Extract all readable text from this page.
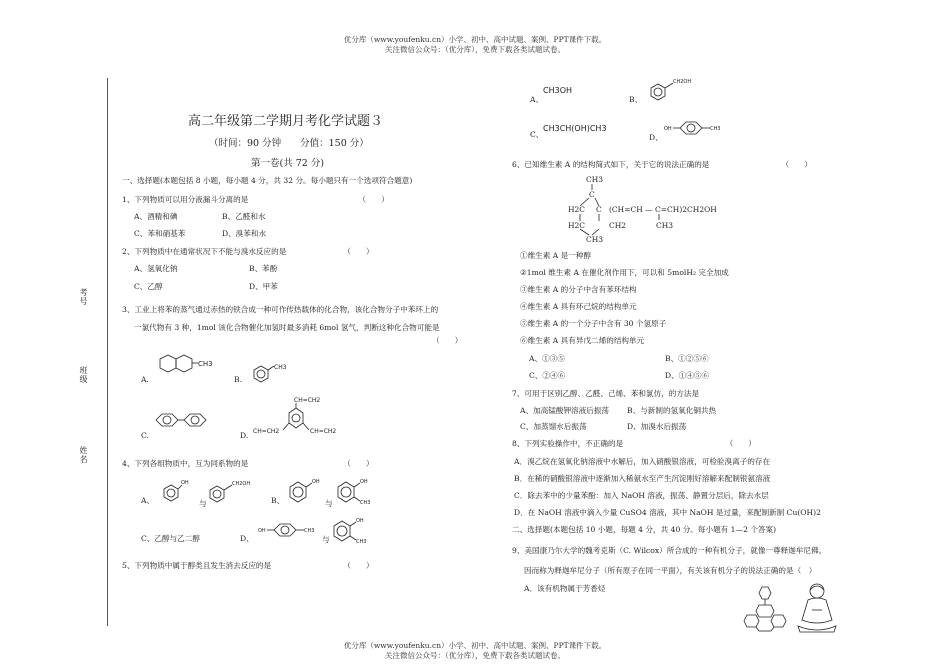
优分库（www.youfenku.cn）小学、初中、高中试题、案例、PPT课件下载。
关注微信公众号：（优分库），免费下载各类试题试卷。
考号
班级
姓名
高二年级第二学期月考化学试题３
（时间：90 分钟　　分值：150 分）
第一卷(共 72 分)
一、选择题(本题包括 8 小题，每小题 4 分，共 32 分。每小题只有一个选项符合题意)
1、下列物质可以用分液漏斗分离的是　　　　　　　　　　　　　　　（　　）
A、酒精和碘	B、乙醛和水
C、苯和硝基苯	D、溴苯和水
2、下列物质中在通常状况下不能与溴水反应的是　　　　　　　　（　　）
A、氢氧化钠	B、苯酚
C、乙醇	D、甲苯
3、工业上将苯的蒸气通过赤热的铁合成一种可作传热载体的化合物，该化合物分子中苯环上的
一氯代物有 3 种，1mol 该化合物催化加氢时最多消耗 6mol 氢气，判断这种化合物可能是
（　　）
A.	B.
C.	D.
CH3	CH3
CH=CH2
CH=CH2	CH=CH2
4、下列各组物质中，互为同系物的是　　　　　　　　　　　　　（　　）
A、
OH
与
CH2OH
B、
OH
与
OH
CH3
C、乙醇与乙二醇	D、
OH	CH3
与
OH
CH3
5、下列物质中属于醇类且发生消去反应的是　　　　　　　　　　（　　）
A、
CH3OH
B、
CH2OH
C、
CH3CH(OH)CH3
D、
OH	CH3
6、已知维生素 A 的结构简式如下，关于它的说法正确的是　　　　　　　　　　（　　）
CH3
C
H2C
H2C
C (CH=CH — C=CH)2CH2OH
CH3
CH2
CH3
①维生素 A 是一种醇
②1mol 维生素 A 在催化剂作用下，可以和 5molH₂ 完全加成
③维生素 A 的分子中含有苯环结构
④维生素 A 具有环己烷的结构单元
⑤维生素 A 的一个分子中含有 30 个氢原子
⑥维生素 A 具有异戊二烯的结构单元
A、①③⑤	B、①②⑤⑥
C、②④⑥	D、①④⑤⑥
7、可用于区别乙醇、乙醛、己烯、苯和氯仿，的方法是
A、加高锰酸钾溶液后振荡 B、与新制的氢氧化铜共热
C、加蒸馏水后振荡	D、加溴水后振荡
8、下列实验操作中，不正确的是　　　　　　　　　　　　　　（　　）
A．溴乙烷在氢氧化钠溶液中水解后，加入硝酸银溶液，可检验溴离子的存在
B．在稀的硝酸银溶液中逐渐加入稀氨水至产生沉淀刚好溶解来配制银氨溶液
C．除去苯中的少量苯酚：加入 NaOH 溶液，振荡、静置分层后，除去水层
D．在 NaOH 溶液中滴入少量 CuSO4 溶液，其中 NaOH 是过量，来配制新制 Cu(OH)2
二、选择题(本题包括 10 小题，每题 4 分，共 40 分。每小题有 1—2 个答案)
9、美国康乃尔大学的魏考克斯（C. Wilcox）所合成的一种有机分子，就像一尊释迦牟尼佛。
因而称为释迦牟尼分子（所有原子在同一平面），有关该有机分子的说法正确的是（　）
A．该有机物属于芳香烃
优分库（www.youfenku.cn）小学、初中、高中试题、案例、PPT课件下载。
关注微信公众号：（优分库），免费下载各类试题试卷。
